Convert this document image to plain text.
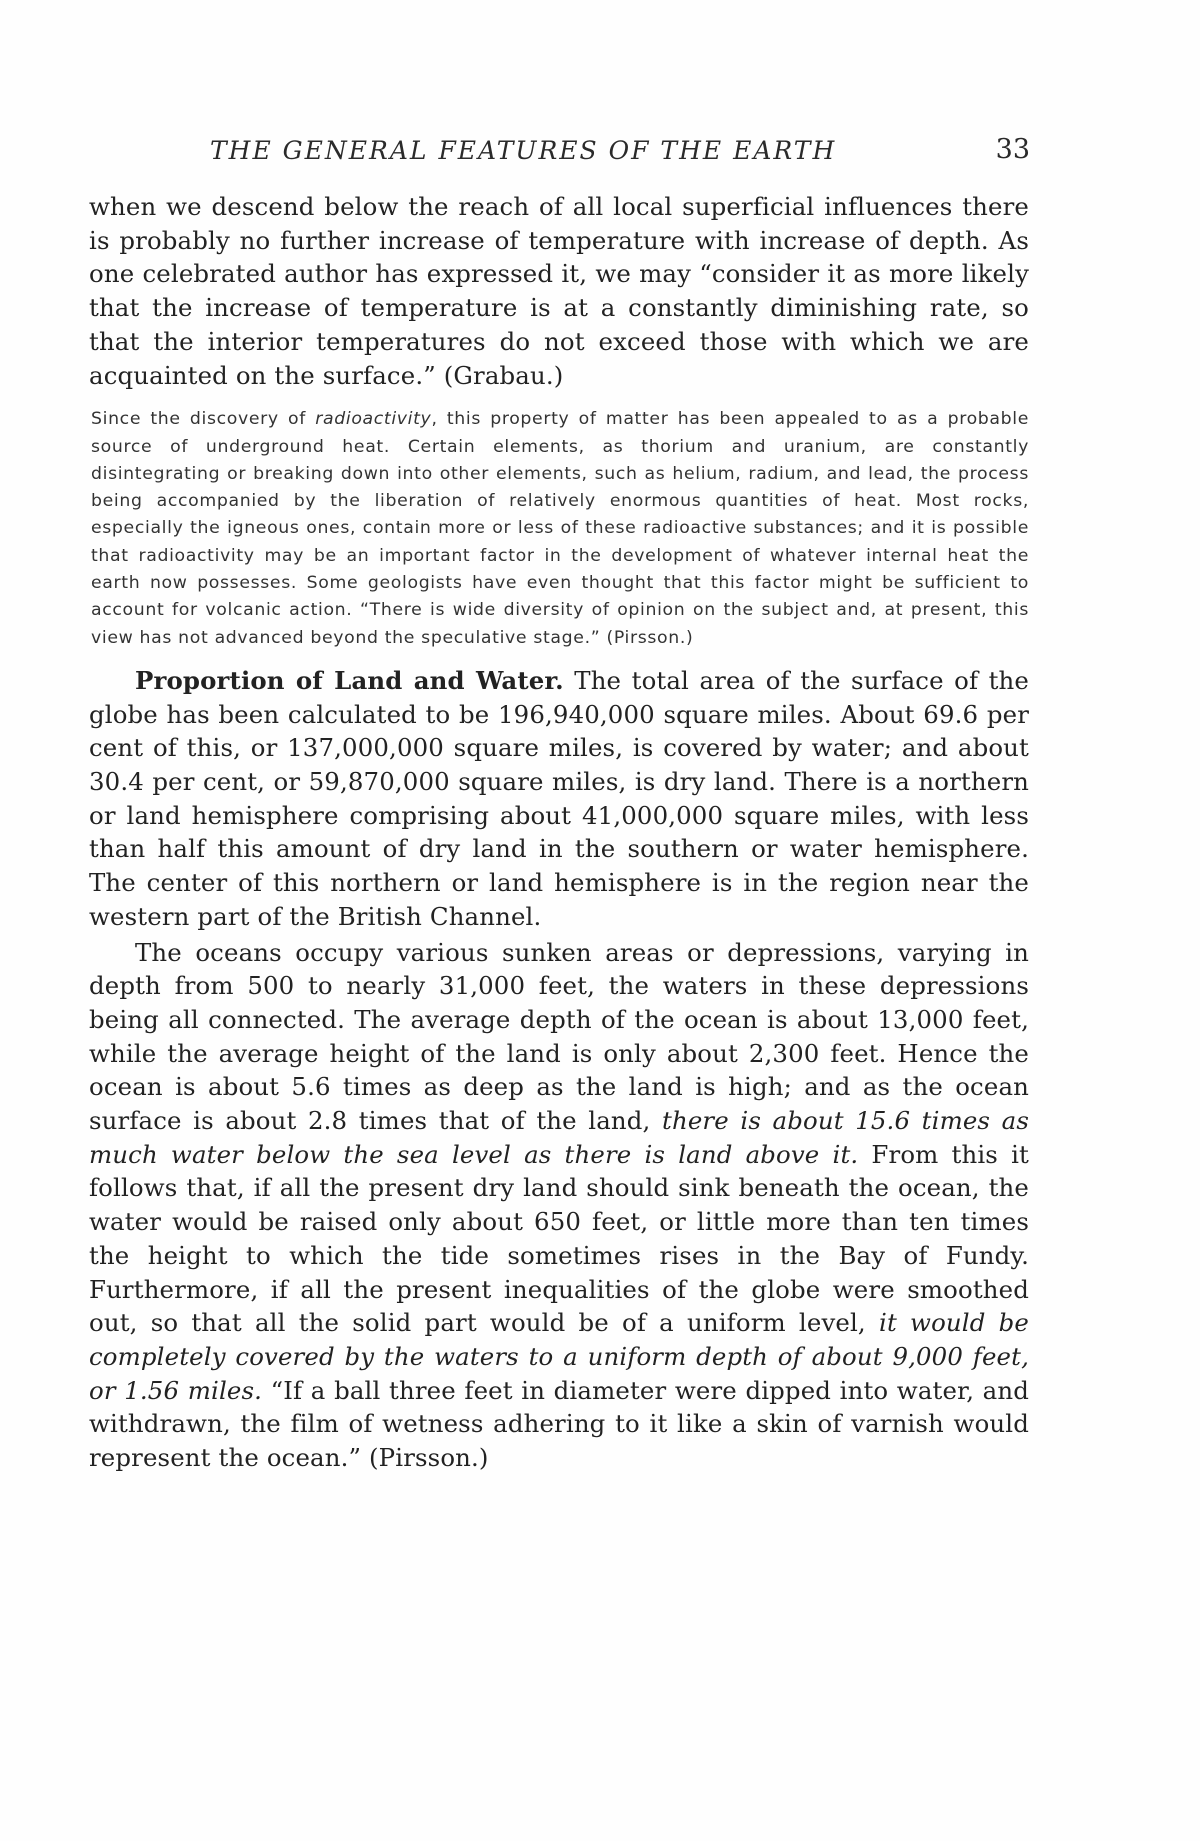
THE GENERAL FEATURES OF THE EARTH	33

when we descend below the reach of all local superficial influences there is probably no further increase of temperature with increase of depth. As one celebrated author has expressed it, we may “consider it as more likely that the increase of temperature is at a constantly diminishing rate, so that the interior temperatures do not exceed those with which we are acquainted on the surface.” (Grabau.)

Since the discovery of radioactivity, this property of matter has been appealed to as a probable source of underground heat. Certain elements, as thorium and uranium, are constantly disintegrating or breaking down into other elements, such as helium, radium, and lead, the process being accompanied by the liberation of relatively enormous quantities of heat. Most rocks, especially the igneous ones, contain more or less of these radioactive substances; and it is possible that radioactivity may be an important factor in the development of whatever internal heat the earth now possesses. Some geologists have even thought that this factor might be sufficient to account for volcanic action. “There is wide diversity of opinion on the subject and, at present, this view has not advanced beyond the speculative stage.” (Pirsson.)

Proportion of Land and Water. The total area of the surface of the globe has been calculated to be 196,940,000 square miles. About 69.6 per cent of this, or 137,000,000 square miles, is covered by water; and about 30.4 per cent, or 59,870,000 square miles, is dry land. There is a northern or land hemisphere comprising about 41,000,000 square miles, with less than half this amount of dry land in the southern or water hemisphere. The center of this northern or land hemisphere is in the region near the western part of the British Channel.

The oceans occupy various sunken areas or depressions, varying in depth from 500 to nearly 31,000 feet, the waters in these depressions being all connected. The average depth of the ocean is about 13,000 feet, while the average height of the land is only about 2,300 feet. Hence the ocean is about 5.6 times as deep as the land is high; and as the ocean surface is about 2.8 times that of the land, there is about 15.6 times as much water below the sea level as there is land above it. From this it follows that, if all the present dry land should sink beneath the ocean, the water would be raised only about 650 feet, or little more than ten times the height to which the tide sometimes rises in the Bay of Fundy. Furthermore, if all the present inequalities of the globe were smoothed out, so that all the solid part would be of a uniform level, it would be completely covered by the waters to a uniform depth of about 9,000 feet, or 1.56 miles. “If a ball three feet in diameter were dipped into water, and withdrawn, the film of wetness adhering to it like a skin of varnish would represent the ocean.” (Pirsson.)
